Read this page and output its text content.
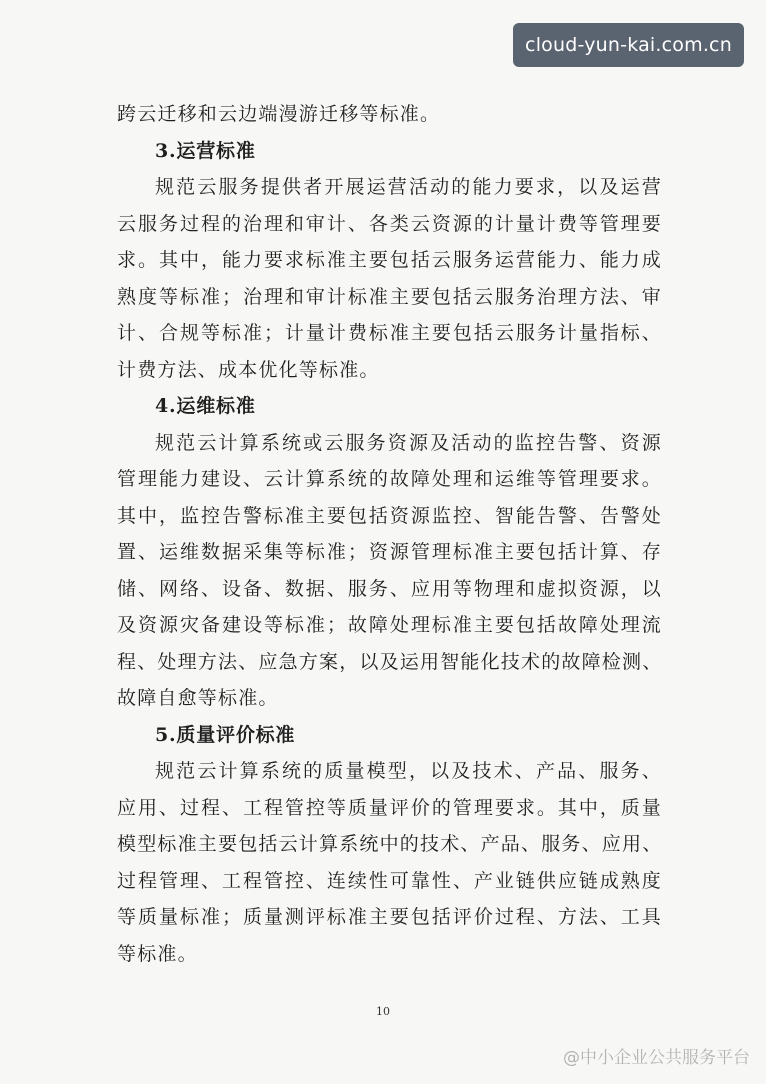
cloud-yun-kai.com.cn
跨云迁移和云边端漫游迁移等标准。
3.运营标准
规范云服务提供者开展运营活动的能力要求，以及运营
云服务过程的治理和审计、各类云资源的计量计费等管理要
求。其中，能力要求标准主要包括云服务运营能力、能力成
熟度等标准；治理和审计标准主要包括云服务治理方法、审
计、合规等标准；计量计费标准主要包括云服务计量指标、
计费方法、成本优化等标准。
4.运维标准
规范云计算系统或云服务资源及活动的监控告警、资源
管理能力建设、云计算系统的故障处理和运维等管理要求。
其中，监控告警标准主要包括资源监控、智能告警、告警处
置、运维数据采集等标准；资源管理标准主要包括计算、存
储、网络、设备、数据、服务、应用等物理和虚拟资源，以
及资源灾备建设等标准；故障处理标准主要包括故障处理流
程、处理方法、应急方案，以及运用智能化技术的故障检测、
故障自愈等标准。
5.质量评价标准
规范云计算系统的质量模型，以及技术、产品、服务、
应用、过程、工程管控等质量评价的管理要求。其中，质量
模型标准主要包括云计算系统中的技术、产品、服务、应用、
过程管理、工程管控、连续性可靠性、产业链供应链成熟度
等质量标准；质量测评标准主要包括评价过程、方法、工具
等标准。
10
@中小企业公共服务平台
